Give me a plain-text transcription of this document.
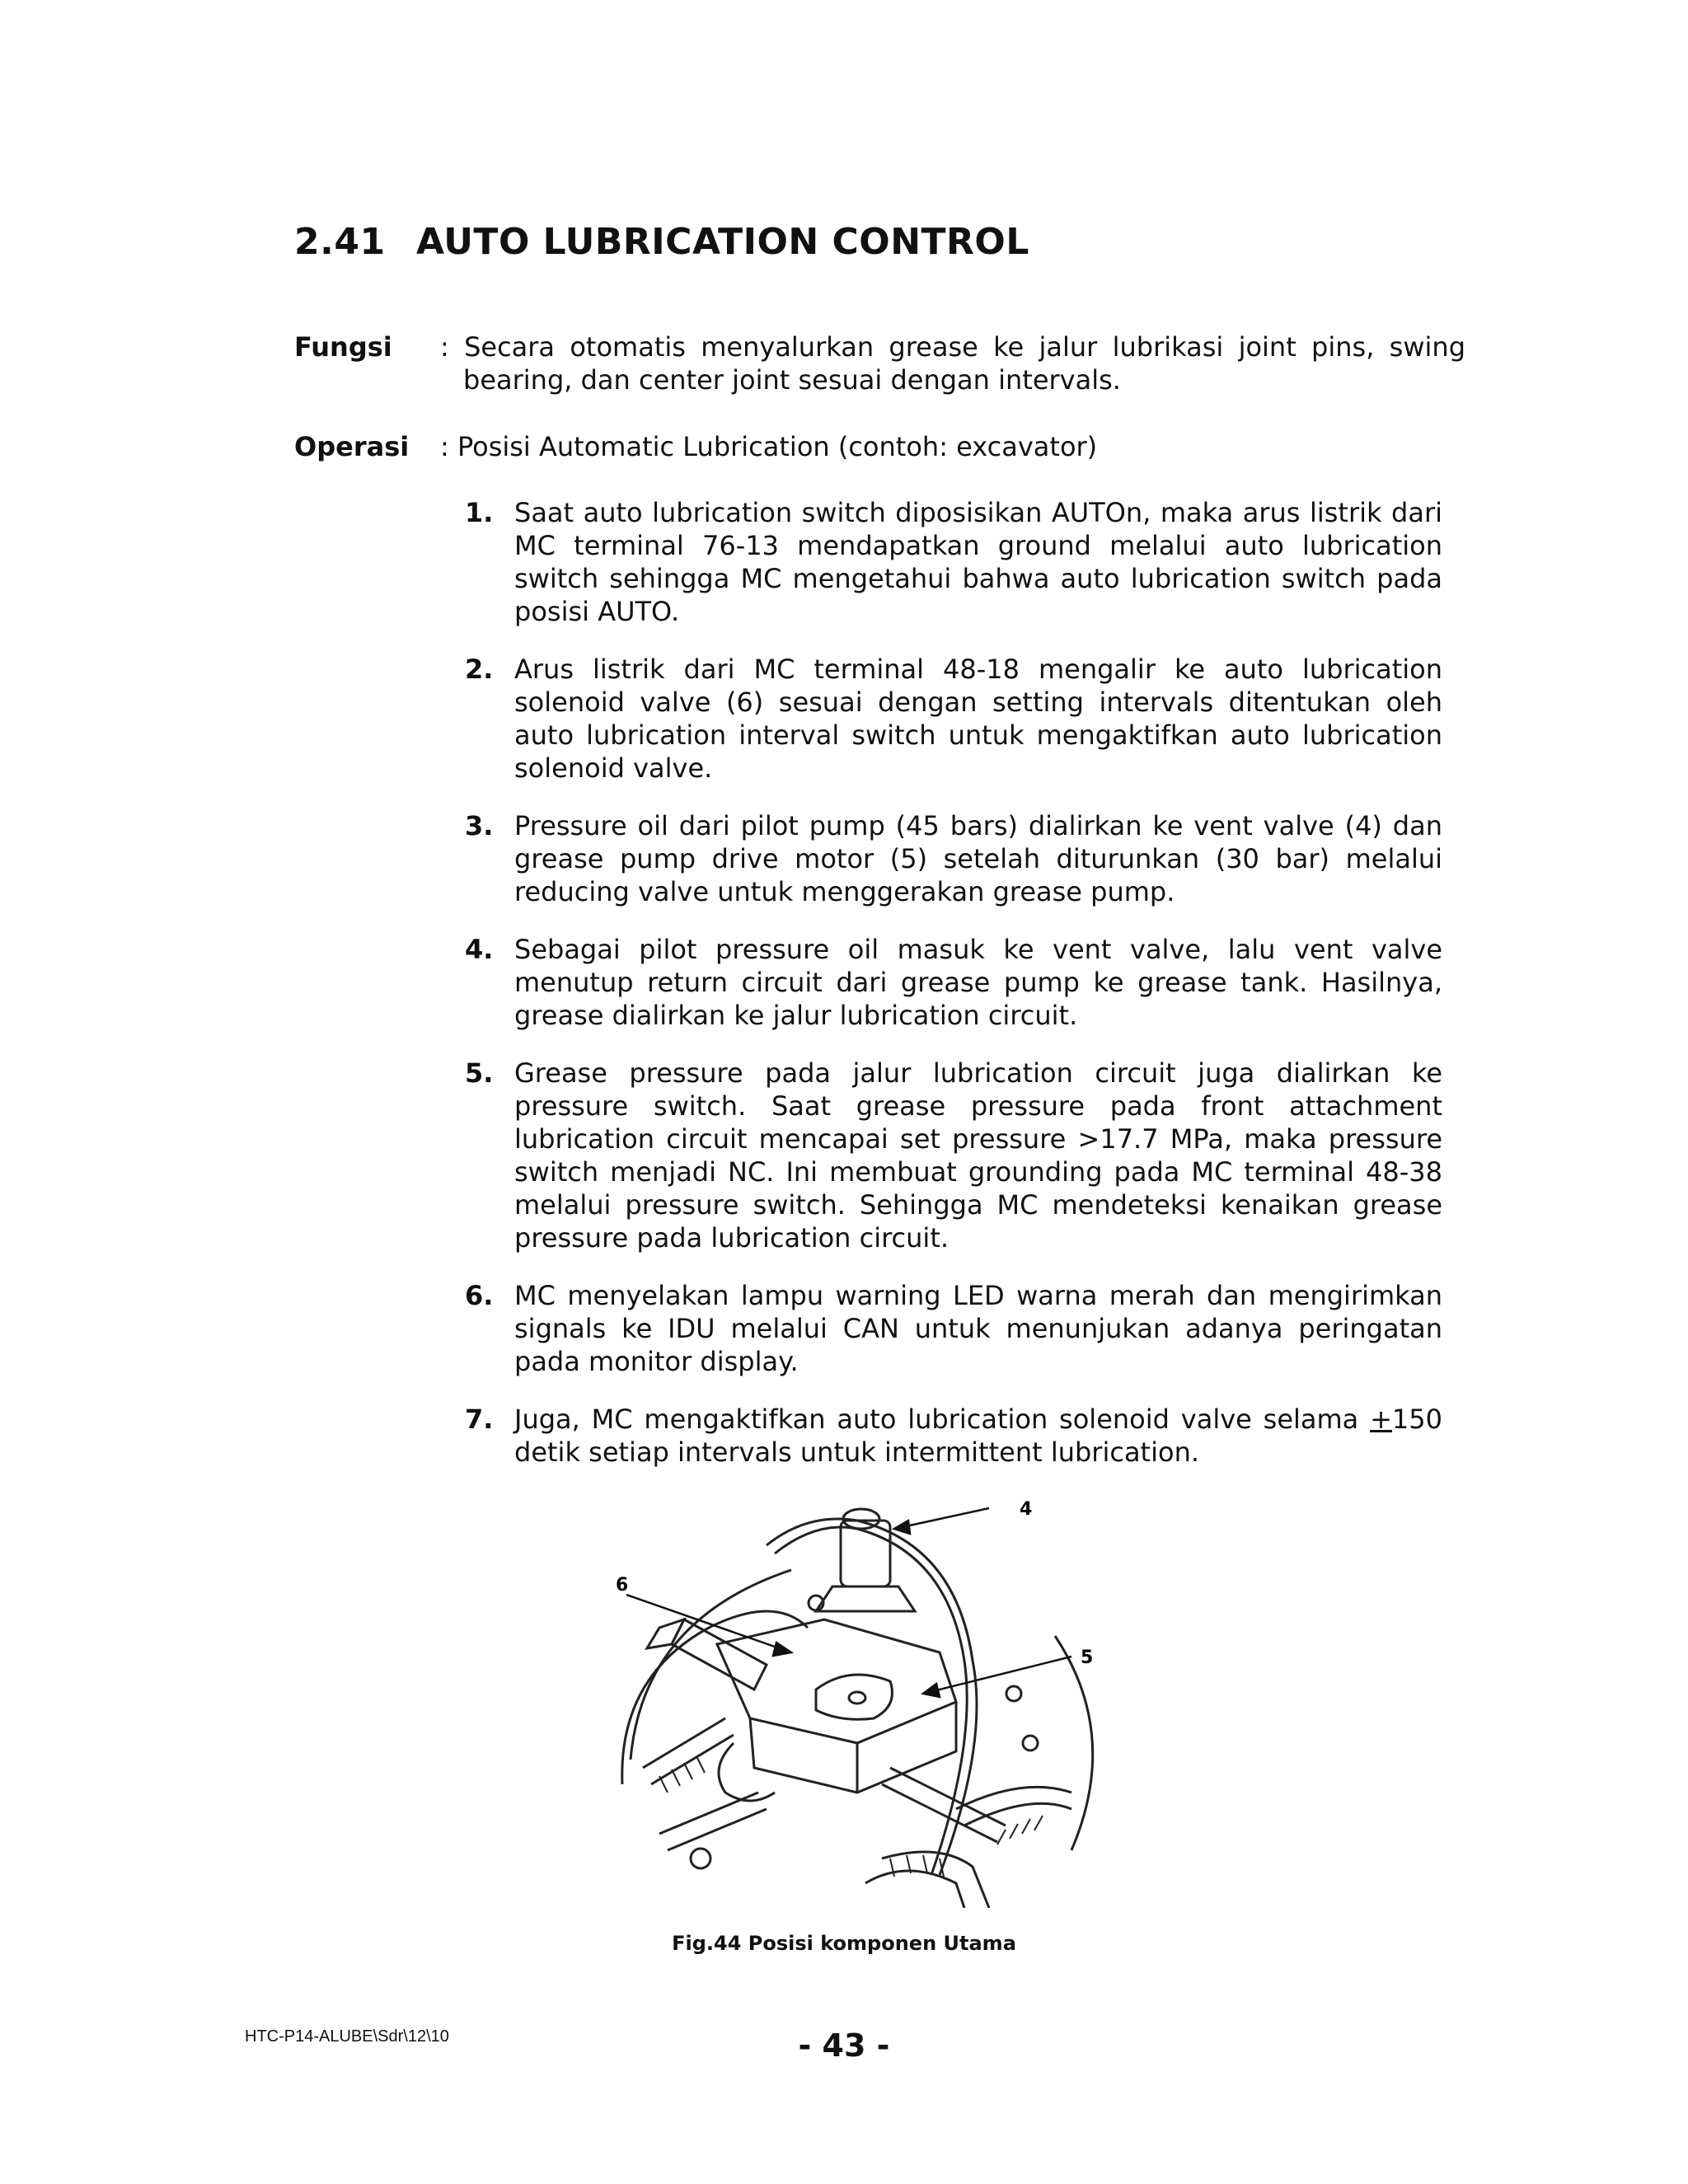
2.41 AUTO LUBRICATION CONTROL
Fungsi : Secara otomatis menyalurkan grease ke jalur lubrikasi joint pins, swing bearing, dan center joint sesuai dengan intervals.
Operasi : Posisi Automatic Lubrication (contoh: excavator)
1. Saat auto lubrication switch diposisikan AUTOn, maka arus listrik dari MC terminal 76-13 mendapatkan ground melalui auto lubrication switch sehingga MC mengetahui bahwa auto lubrication switch pada posisi AUTO.
2. Arus listrik dari MC terminal 48-18 mengalir ke auto lubrication solenoid valve (6) sesuai dengan setting intervals ditentukan oleh auto lubrication interval switch untuk mengaktifkan auto lubrication solenoid valve.
3. Pressure oil dari pilot pump (45 bars) dialirkan ke vent valve (4) dan grease pump drive motor (5) setelah diturunkan (30 bar) melalui reducing valve untuk menggerakan grease pump.
4. Sebagai pilot pressure oil masuk ke vent valve, lalu vent valve menutup return circuit dari grease pump ke grease tank. Hasilnya, grease dialirkan ke jalur lubrication circuit.
5. Grease pressure pada jalur lubrication circuit juga dialirkan ke pressure switch. Saat grease pressure pada front attachment lubrication circuit mencapai set pressure >17.7 MPa, maka pressure switch menjadi NC. Ini membuat grounding pada MC terminal 48-38 melalui pressure switch. Sehingga MC mendeteksi kenaikan grease pressure pada lubrication circuit.
6. MC menyelakan lampu warning LED warna merah dan mengirimkan signals ke IDU melalui CAN untuk menunjukan adanya peringatan pada monitor display.
7. Juga, MC mengaktifkan auto lubrication solenoid valve selama +150 detik setiap intervals untuk intermittent lubrication.
4
5
6
Fig.44 Posisi komponen Utama
HTC-P14-ALUBE\Sdr\12\10	- 43 -
